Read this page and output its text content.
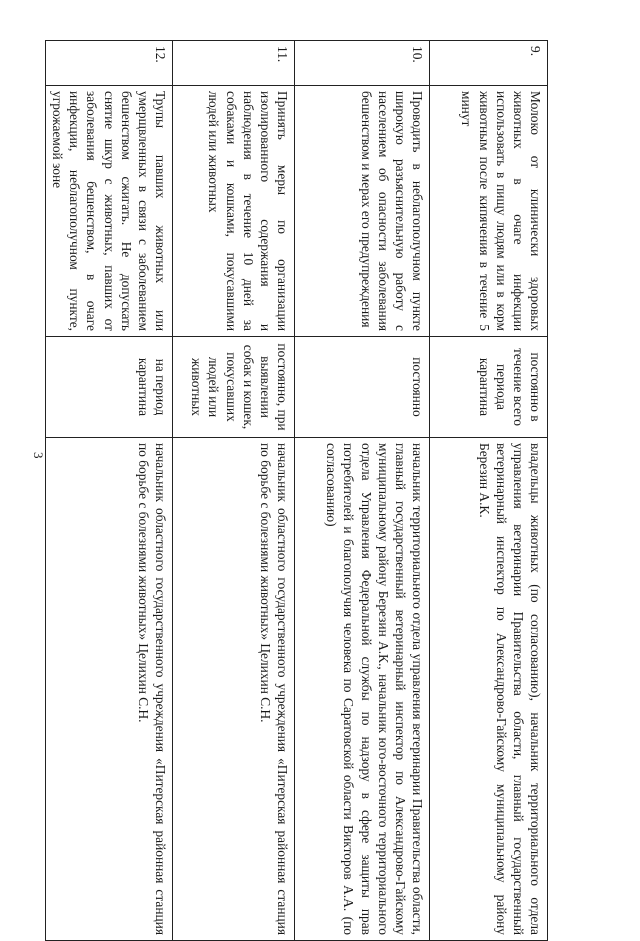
3
9.	Молоко от клинически здоровых животных в очаге инфекции использовать в пищу людям или в корм животным после кипячения в течение 5 минут	постоянно в течение всего периода карантина	владельцы животных (по согласованию), начальник территориального отдела управления ветеринарии Правительства области, главный государственный ветеринарный инспектор по Александрово-Гайскому муниципальному району Березин А.К.
10.	Проводить в неблагополучном пункте широкую разъяснительную работу с населением об опасности заболевания бешенством и мерах его предупреждения	постоянно	начальник территориального отдела управления ветеринарии Правительства области, главный государственный ветеринарный инспектор по Александрово-Гайскому муниципальному району Березин А.К., начальник юго-восточного территориального отдела Управления Федеральной службы по надзору в сфере защиты прав потребителей и благополучия человека по Саратовской области Викторов А.А. (по согласованию)
11.	Принять меры по организации изолированного содержания и наблюдения в течение 10 дней за собаками и кошками, покусавшими людей или животных	постоянно, при выявлении собак и кошек, покусавших людей или животных	начальник областного государственного учреждения «Питерская районная станция по борьбе с болезнями животных» Целихин С.Н.
12.	Трупы павших животных или умерщвленных в связи с заболеванием бешенством сжигать. Не допускать снятие шкур с животных, павших от заболевания бешенством, в очаге инфекции, неблагополучном пункте, угрожаемой зоне	на период карантина	начальник областного государственного учреждения «Питерская районная станция по борьбе с болезнями животных» Целихин С.Н.
